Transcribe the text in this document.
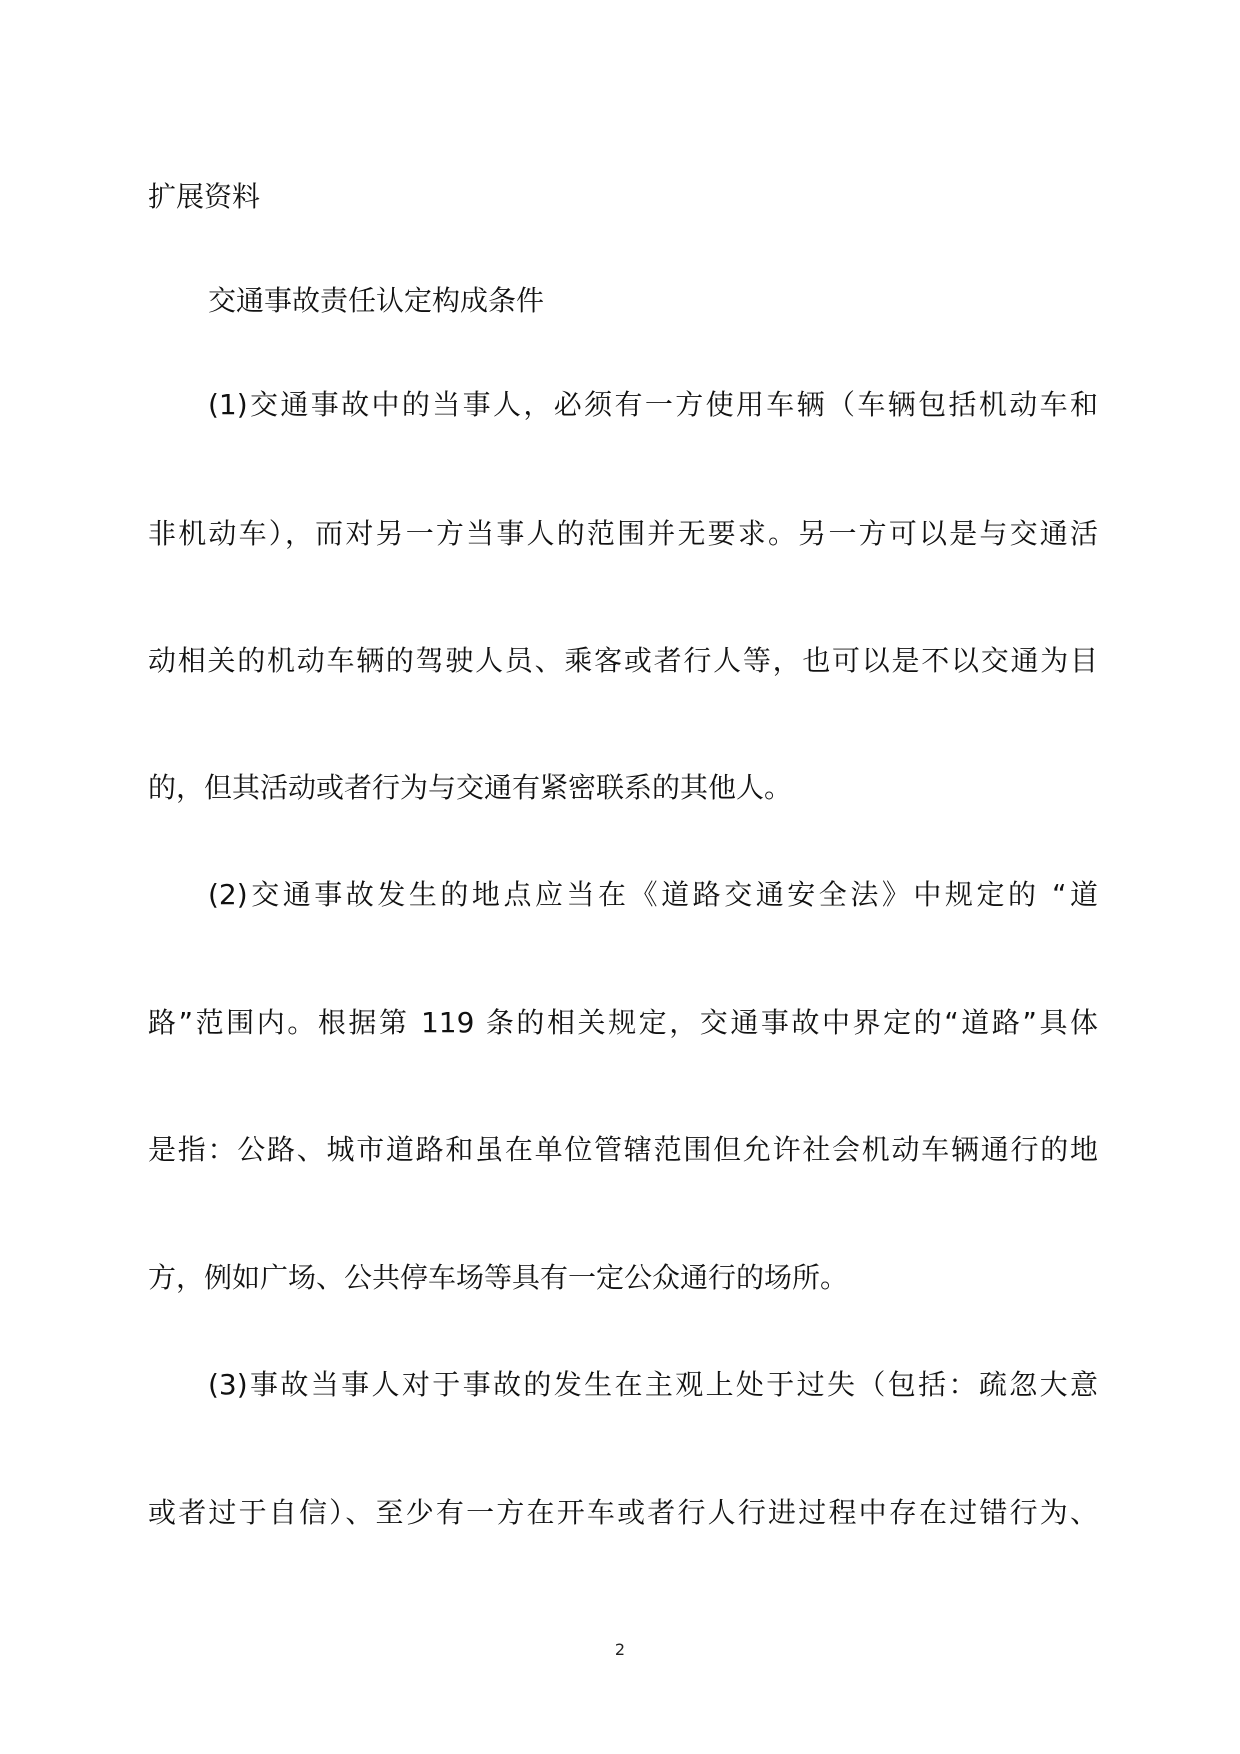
扩展资料
交通事故责任认定构成条件
(1)交通事故中的当事人，必须有一方使用车辆（车辆包括机动车和
非机动车），而对另一方当事人的范围并无要求。另一方可以是与交通活
动相关的机动车辆的驾驶人员、乘客或者行人等，也可以是不以交通为目
的，但其活动或者行为与交通有紧密联系的其他人。
(2)交通事故发生的地点应当在《道路交通安全法》中规定的 “道
路”范围内。根据第 119 条的相关规定，交通事故中界定的“道路”具体
是指：公路、城市道路和虽在单位管辖范围但允许社会机动车辆通行的地
方，例如广场、公共停车场等具有一定公众通行的场所。
(3)事故当事人对于事故的发生在主观上处于过失（包括：疏忽大意
或者过于自信）、至少有一方在开车或者行人行进过程中存在过错行为、
2
